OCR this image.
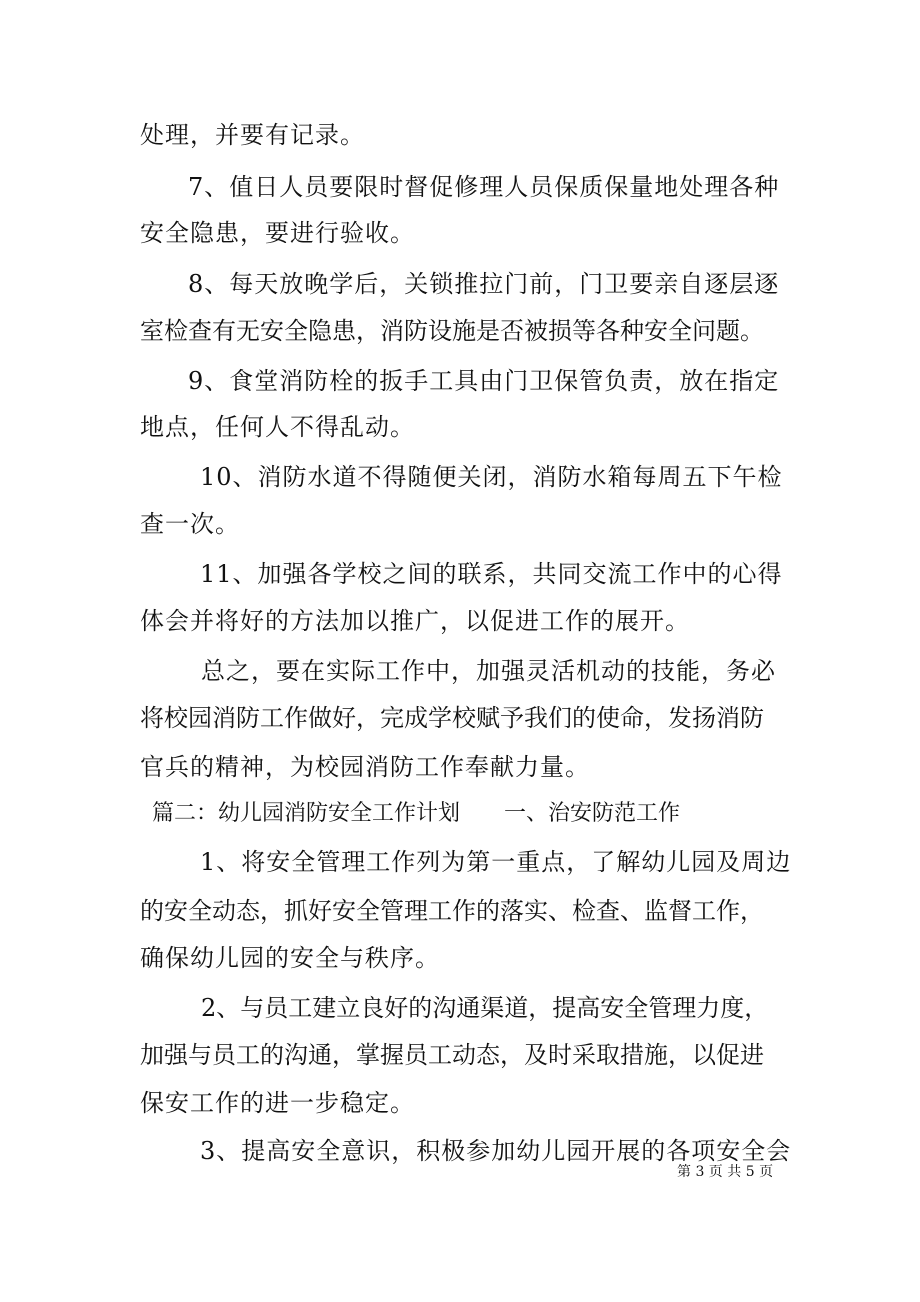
处理，并要有记录。
7、值日人员要限时督促修理人员保质保量地处理各种
安全隐患，要进行验收。
8、每天放晚学后，关锁推拉门前，门卫要亲自逐层逐
室检查有无安全隐患，消防设施是否被损等各种安全问题。
9、食堂消防栓的扳手工具由门卫保管负责，放在指定
地点，任何人不得乱动。
10、消防水道不得随便关闭，消防水箱每周五下午检
查一次。
11、加强各学校之间的联系，共同交流工作中的心得
体会并将好的方法加以推广，以促进工作的展开。
总之，要在实际工作中，加强灵活机动的技能，务必
将校园消防工作做好，完成学校赋予我们的使命，发扬消防
官兵的精神，为校园消防工作奉献力量。
篇二：幼儿园消防安全工作计划　　一、治安防范工作
1、将安全管理工作列为第一重点，了解幼儿园及周边
的安全动态，抓好安全管理工作的落实、检查、监督工作，
确保幼儿园的安全与秩序。
2、与员工建立良好的沟通渠道，提高安全管理力度，
加强与员工的沟通，掌握员工动态，及时采取措施，以促进
保安工作的进一步稳定。
3、提高安全意识，积极参加幼儿园开展的各项安全会
第 3 页 共 5 页
